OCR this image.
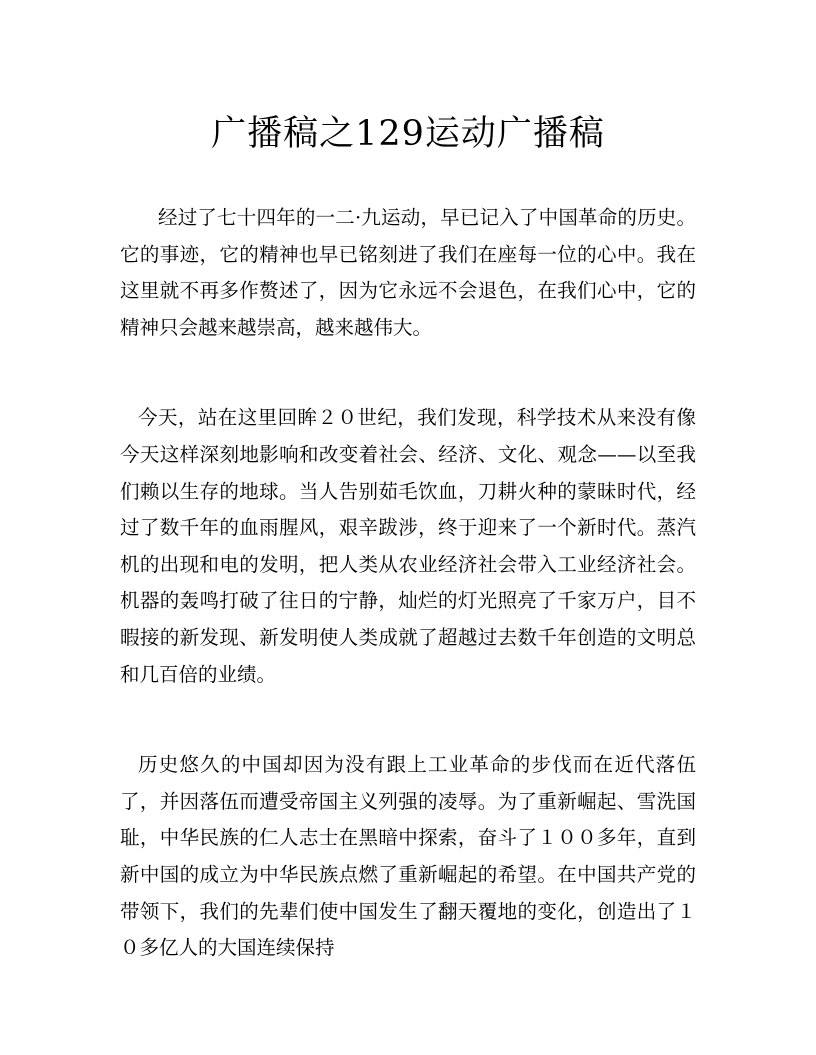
广播稿之129运动广播稿

经过了七十四年的一二·九运动，早已记入了中国革命的历史。它的事迹，它的精神也早已铭刻进了我们在座每一位的心中。我在这里就不再多作赘述了，因为它永远不会退色，在我们心中，它的精神只会越来越崇高，越来越伟大。

今天，站在这里回眸２０世纪，我们发现，科学技术从来没有像今天这样深刻地影响和改变着社会、经济、文化、观念——以至我们赖以生存的地球。当人告别茹毛饮血，刀耕火种的蒙昧时代，经过了数千年的血雨腥风，艰辛跋涉，终于迎来了一个新时代。蒸汽机的出现和电的发明，把人类从农业经济社会带入工业经济社会。机器的轰鸣打破了往日的宁静，灿烂的灯光照亮了千家万户，目不暇接的新发现、新发明使人类成就了超越过去数千年创造的文明总和几百倍的业绩。

历史悠久的中国却因为没有跟上工业革命的步伐而在近代落伍了，并因落伍而遭受帝国主义列强的凌辱。为了重新崛起、雪洗国耻，中华民族的仁人志士在黑暗中探索，奋斗了１００多年，直到新中国的成立为中华民族点燃了重新崛起的希望。在中国共产党的带领下，我们的先辈们使中国发生了翻天覆地的变化，创造出了１０多亿人的大国连续保持
